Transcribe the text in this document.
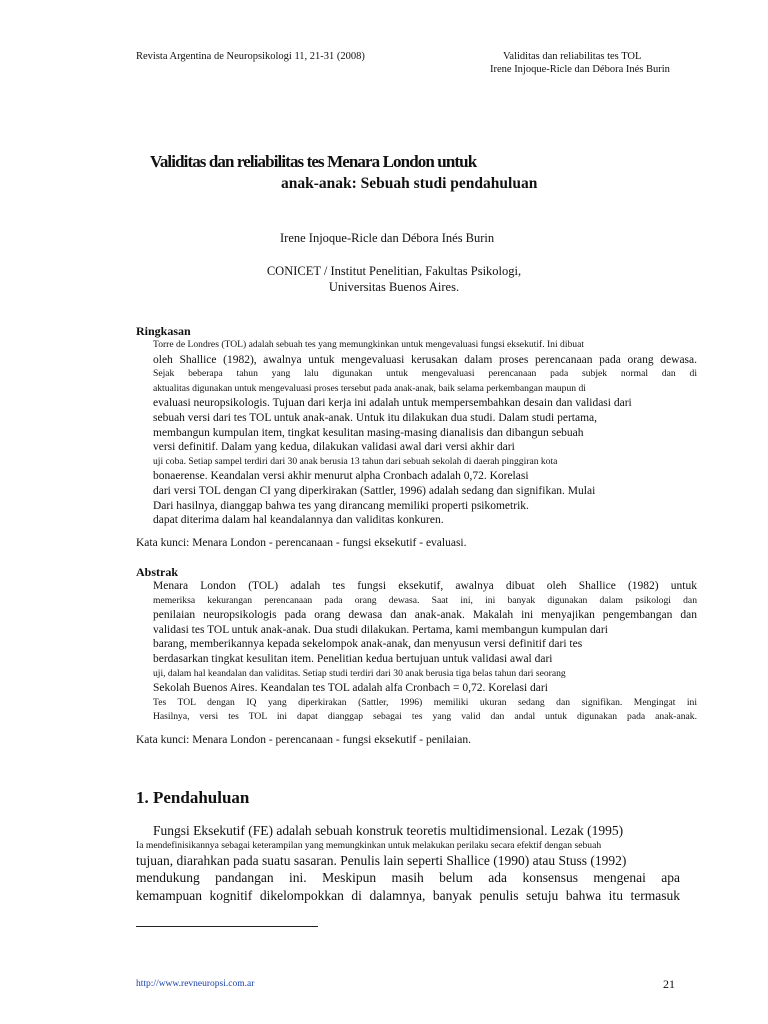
Revista Argentina de Neuropsikologi 11, 21-31 (2008)	Validitas dan reliabilitas tes TOL
Irene Injoque-Ricle dan Débora Inés Burin
Validitas dan reliabilitas tes Menara London untuk
anak-anak: Sebuah studi pendahuluan
Irene Injoque-Ricle dan Débora Inés Burin
CONICET / Institut Penelitian, Fakultas Psikologi,
Universitas Buenos Aires.
Ringkasan
Torre de Londres (TOL) adalah sebuah tes yang memungkinkan untuk mengevaluasi fungsi eksekutif. Ini dibuat
oleh Shallice (1982), awalnya untuk mengevaluasi kerusakan dalam proses perencanaan pada orang dewasa.
Sejak beberapa tahun yang lalu digunakan untuk mengevaluasi perencanaan pada subjek normal dan di
aktualitas digunakan untuk mengevaluasi proses tersebut pada anak-anak, baik selama perkembangan maupun di
evaluasi neuropsikologis. Tujuan dari kerja ini adalah untuk mempersembahkan desain dan validasi dari
sebuah versi dari tes TOL untuk anak-anak. Untuk itu dilakukan dua studi. Dalam studi pertama,
membangun kumpulan item, tingkat kesulitan masing-masing dianalisis dan dibangun sebuah
versi definitif. Dalam yang kedua, dilakukan validasi awal dari versi akhir dari
uji coba. Setiap sampel terdiri dari 30 anak berusia 13 tahun dari sebuah sekolah di daerah pinggiran kota
bonaerense. Keandalan versi akhir menurut alpha Cronbach adalah 0,72. Korelasi
dari versi TOL dengan CI yang diperkirakan (Sattler, 1996) adalah sedang dan signifikan. Mulai
Dari hasilnya, dianggap bahwa tes yang dirancang memiliki properti psikometrik.
dapat diterima dalam hal keandalannya dan validitas konkuren.
Kata kunci: Menara London - perencanaan - fungsi eksekutif - evaluasi.
Abstrak
Menara London (TOL) adalah tes fungsi eksekutif, awalnya dibuat oleh Shallice (1982) untuk
memeriksa kekurangan perencanaan pada orang dewasa. Saat ini, ini banyak digunakan dalam psikologi dan
penilaian neuropsikologis pada orang dewasa dan anak-anak. Makalah ini menyajikan pengembangan dan
validasi tes TOL untuk anak-anak. Dua studi dilakukan. Pertama, kami membangun kumpulan dari
barang, memberikannya kepada sekelompok anak-anak, dan menyusun versi definitif dari tes
berdasarkan tingkat kesulitan item. Penelitian kedua bertujuan untuk validasi awal dari
uji, dalam hal keandalan dan validitas. Setiap studi terdiri dari 30 anak berusia tiga belas tahun dari seorang
Sekolah Buenos Aires. Keandalan tes TOL adalah alfa Cronbach = 0,72. Korelasi dari
Tes TOL dengan IQ yang diperkirakan (Sattler, 1996) memiliki ukuran sedang dan signifikan. Mengingat ini
Hasilnya, versi tes TOL ini dapat dianggap sebagai tes yang valid dan andal untuk digunakan pada anak-anak.
Kata kunci: Menara London - perencanaan - fungsi eksekutif - penilaian.
1. Pendahuluan
Fungsi Eksekutif (FE) adalah sebuah konstruk teoretis multidimensional. Lezak (1995)
Ia mendefinisikannya sebagai keterampilan yang memungkinkan untuk melakukan perilaku secara efektif dengan sebuah
tujuan, diarahkan pada suatu sasaran. Penulis lain seperti Shallice (1990) atau Stuss (1992)
mendukung pandangan ini. Meskipun masih belum ada konsensus mengenai apa
kemampuan kognitif dikelompokkan di dalamnya, banyak penulis setuju bahwa itu termasuk
http://www.revneuropsi.com.ar	21
